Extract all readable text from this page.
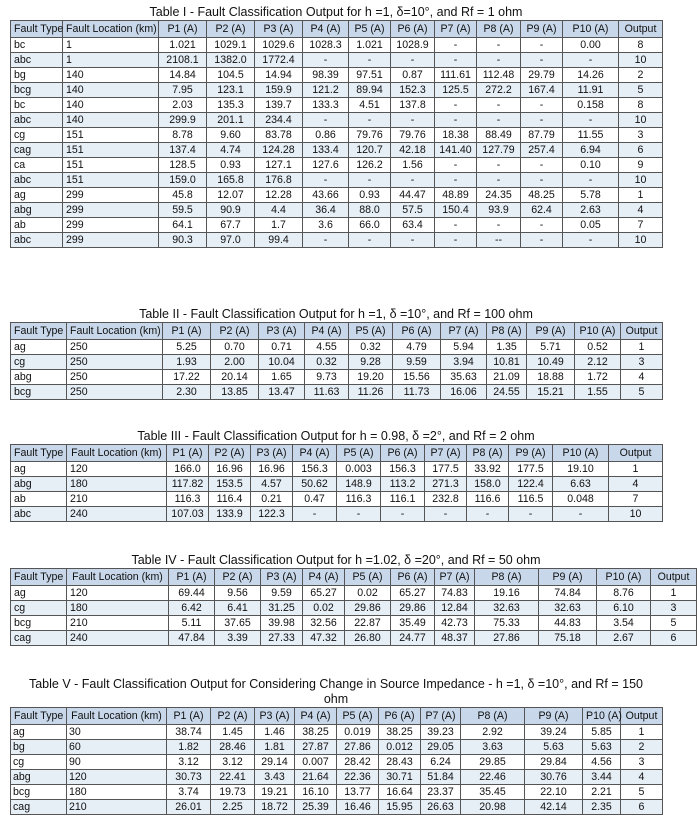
Table I - Fault Classification Output for h =1, δ=10°, and Rf = 1 ohm
Fault Type	Fault Location (km)	P1 (A)	P2 (A)	P3 (A)	P4 (A)	P5 (A)	P6 (A)	P7 (A)	P8 (A)	P9 (A)	P10 (A)	Output
bc	1	1.021	1029.1	1029.6	1028.3	1.021	1028.9	-	-	-	0.00	8
abc	1	2108.1	1382.0	1772.4	-	-	-	-	-	-	-	10
bg	140	14.84	104.5	14.94	98.39	97.51	0.87	111.61	112.48	29.79	14.26	2
bcg	140	7.95	123.1	159.9	121.2	89.94	152.3	125.5	272.2	167.4	11.91	5
bc	140	2.03	135.3	139.7	133.3	4.51	137.8	-	-	-	0.158	8
abc	140	299.9	201.1	234.4	-	-	-	-	-	-	-	10
cg	151	8.78	9.60	83.78	0.86	79.76	79.76	18.38	88.49	87.79	11.55	3
cag	151	137.4	4.74	124.28	133.4	120.7	42.18	141.40	127.79	257.4	6.94	6
ca	151	128.5	0.93	127.1	127.6	126.2	1.56	-	-	-	0.10	9
abc	151	159.0	165.8	176.8	-	-	-	-	-	-	-	10
ag	299	45.8	12.07	12.28	43.66	0.93	44.47	48.89	24.35	48.25	5.78	1
abg	299	59.5	90.9	4.4	36.4	88.0	57.5	150.4	93.9	62.4	2.63	4
ab	299	64.1	67.7	1.7	3.6	66.0	63.4	-	-	-	0.05	7
abc	299	90.3	97.0	99.4	-	-	-	-	--	-	-	10
Table II - Fault Classification Output for h =1, δ =10°, and Rf = 100 ohm
Fault Type	Fault Location (km)	P1 (A)	P2 (A)	P3 (A)	P4 (A)	P5 (A)	P6 (A)	P7 (A)	P8 (A)	P9 (A)	P10 (A)	Output
ag	250	5.25	0.70	0.71	4.55	0.32	4.79	5.94	1.35	5.71	0.52	1
cg	250	1.93	2.00	10.04	0.32	9.28	9.59	3.94	10.81	10.49	2.12	3
abg	250	17.22	20.14	1.65	9.73	19.20	15.56	35.63	21.09	18.88	1.72	4
bcg	250	2.30	13.85	13.47	11.63	11.26	11.73	16.06	24.55	15.21	1.55	5
Table III - Fault Classification Output for h = 0.98, δ =2°, and Rf = 2 ohm
Fault Type	Fault Location (km)	P1 (A)	P2 (A)	P3 (A)	P4 (A)	P5 (A)	P6 (A)	P7 (A)	P8 (A)	P9 (A)	P10 (A)	Output
ag	120	166.0	16.96	16.96	156.3	0.003	156.3	177.5	33.92	177.5	19.10	1
abg	180	117.82	153.5	4.57	50.62	148.9	113.2	271.3	158.0	122.4	6.63	4
ab	210	116.3	116.4	0.21	0.47	116.3	116.1	232.8	116.6	116.5	0.048	7
abc	240	107.03	133.9	122.3	-	-	-	-	-	-	-	10
Table IV - Fault Classification Output for h =1.02, δ =20°, and Rf = 50 ohm
Fault Type	Fault Location (km)	P1 (A)	P2 (A)	P3 (A)	P4 (A)	P5 (A)	P6 (A)	P7 (A)	P8 (A)	P9 (A)	P10 (A)	Output
ag	120	69.44	9.56	9.59	65.27	0.02	65.27	74.83	19.16	74.84	8.76	1
cg	180	6.42	6.41	31.25	0.02	29.86	29.86	12.84	32.63	32.63	6.10	3
bcg	210	5.11	37.65	39.98	32.56	22.87	35.49	42.73	75.33	44.83	3.54	5
cag	240	47.84	3.39	27.33	47.32	26.80	24.77	48.37	27.86	75.18	2.67	6
Table V - Fault Classification Output for Considering Change in Source Impedance - h =1, δ =10°, and Rf = 150 ohm
Fault Type	Fault Location (km)	P1 (A)	P2 (A)	P3 (A)	P4 (A)	P5 (A)	P6 (A)	P7 (A)	P8 (A)	P9 (A)	P10 (A)	Output
ag	30	38.74	1.45	1.46	38.25	0.019	38.25	39.23	2.92	39.24	5.85	1
bg	60	1.82	28.46	1.81	27.87	27.86	0.012	29.05	3.63	5.63	5.63	2
cg	90	3.12	3.12	29.14	0.007	28.42	28.43	6.24	29.85	29.84	4.56	3
abg	120	30.73	22.41	3.43	21.64	22.36	30.71	51.84	22.46	30.76	3.44	4
bcg	180	3.74	19.73	19.21	16.10	13.77	16.64	23.37	35.45	22.10	2.21	5
cag	210	26.01	2.25	18.72	25.39	16.46	15.95	26.63	20.98	42.14	2.35	6
